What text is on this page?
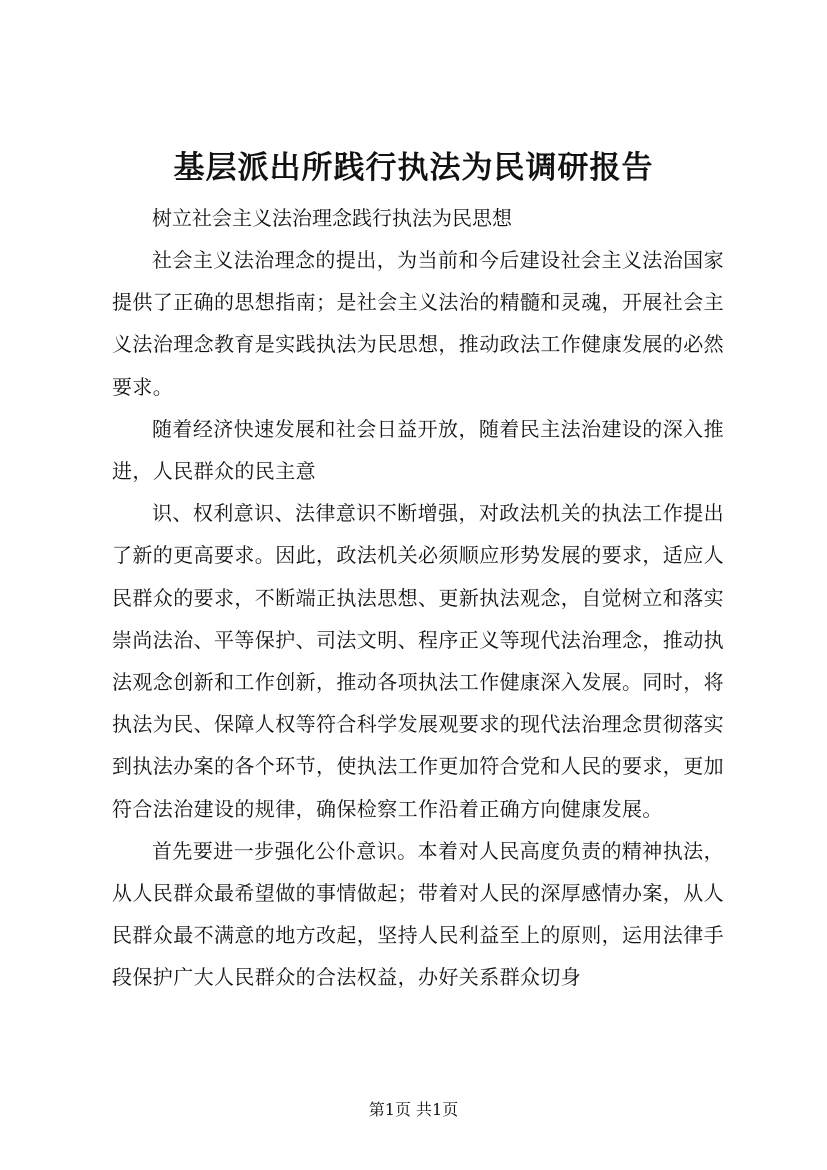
基层派出所践行执法为民调研报告

树立社会主义法治理念践行执法为民思想

社会主义法治理念的提出，为当前和今后建设社会主义法治国家提供了正确的思想指南；是社会主义法治的精髓和灵魂，开展社会主义法治理念教育是实践执法为民思想，推动政法工作健康发展的必然要求。

随着经济快速发展和社会日益开放，随着民主法治建设的深入推进，人民群众的民主意

识、权利意识、法律意识不断增强，对政法机关的执法工作提出了新的更高要求。因此，政法机关必须顺应形势发展的要求，适应人民群众的要求，不断端正执法思想、更新执法观念，自觉树立和落实崇尚法治、平等保护、司法文明、程序正义等现代法治理念，推动执法观念创新和工作创新，推动各项执法工作健康深入发展。同时，将执法为民、保障人权等符合科学发展观要求的现代法治理念贯彻落实到执法办案的各个环节，使执法工作更加符合党和人民的要求，更加符合法治建设的规律，确保检察工作沿着正确方向健康发展。

首先要进一步强化公仆意识。本着对人民高度负责的精神执法，从人民群众最希望做的事情做起；带着对人民的深厚感情办案，从人民群众最不满意的地方改起，坚持人民利益至上的原则，运用法律手段保护广大人民群众的合法权益，办好关系群众切身

第1页 共1页
